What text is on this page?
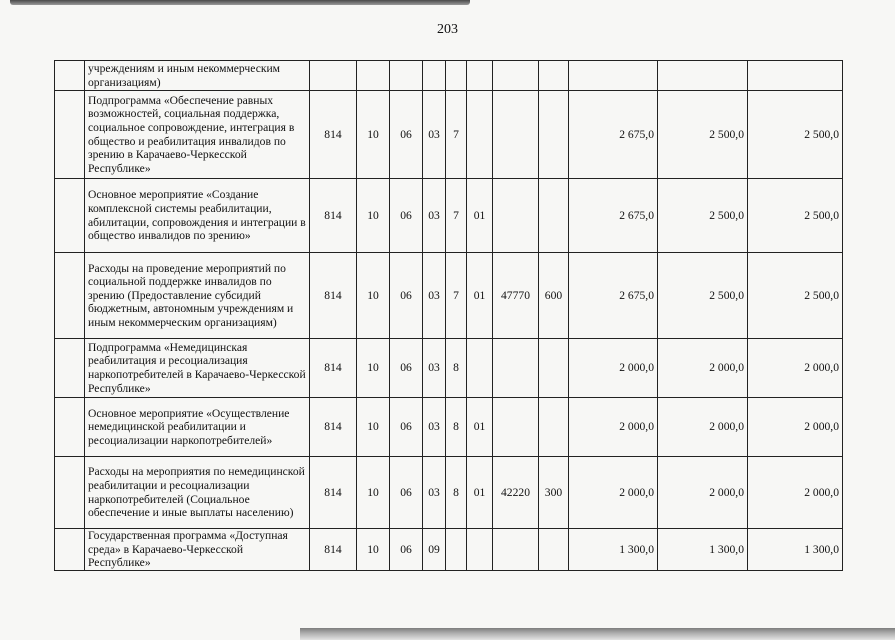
203
	учреждениям и иным некоммерческим организациям)											
	Подпрограмма «Обеспечение равных возможностей, социальная поддержка, социальное сопровождение, интеграция в общество и реабилитация инвалидов по зрению в Карачаево-Черкесской Республике»	814	10	06	03	7				2 675,0	2 500,0	2 500,0
	Основное мероприятие «Создание комплексной системы реабилитации, абилитации, сопровождения и интеграции в общество инвалидов по зрению»	814	10	06	03	7	01			2 675,0	2 500,0	2 500,0
	Расходы на проведение мероприятий по социальной поддержке инвалидов по зрению (Предоставление субсидий бюджетным, автономным учреждениям и иным некоммерческим организациям)	814	10	06	03	7	01	47770	600	2 675,0	2 500,0	2 500,0
	Подпрограмма «Немедицинская реабилитация и ресоциализация наркопотребителей в Карачаево-Черкесской Республике»	814	10	06	03	8				2 000,0	2 000,0	2 000,0
	Основное мероприятие «Осуществление немедицинской реабилитации и ресоциализации наркопотребителей»	814	10	06	03	8	01			2 000,0	2 000,0	2 000,0
	Расходы на мероприятия по немедицинской реабилитации и ресоциализации наркопотребителей (Социальное обеспечение и иные выплаты населению)	814	10	06	03	8	01	42220	300	2 000,0	2 000,0	2 000,0
	Государственная программа «Доступная среда» в Карачаево-Черкесской Республике»	814	10	06	09					1 300,0	1 300,0	1 300,0
